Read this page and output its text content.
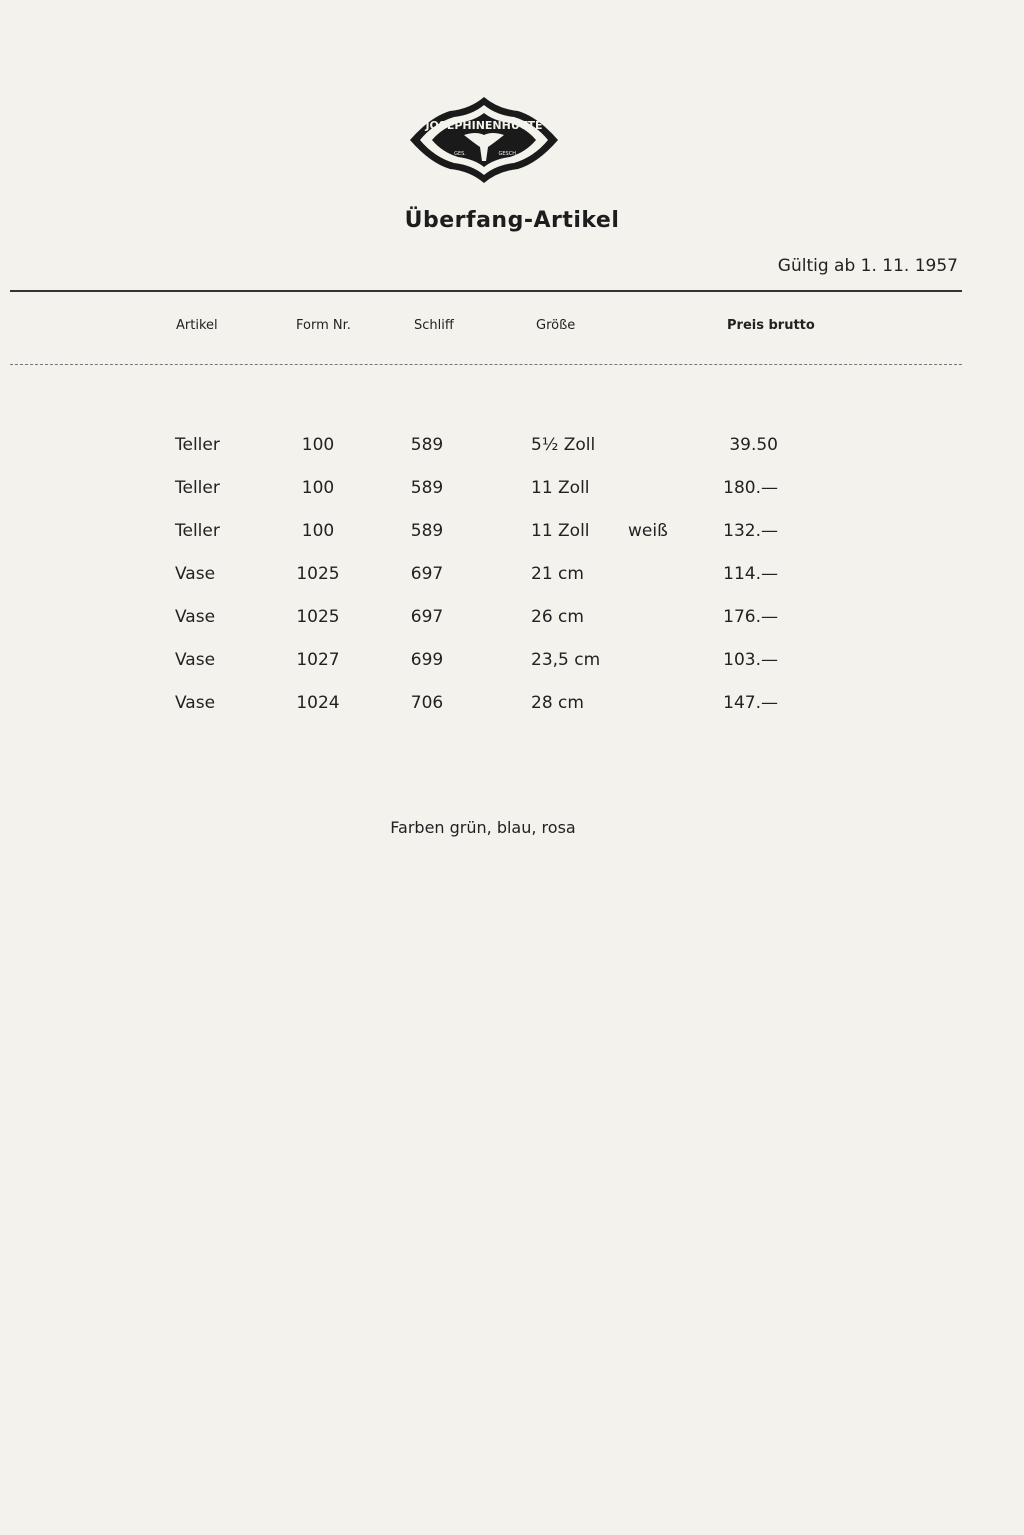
JOSEPHINENHÜTTE
GES.	GESCH.
Überfang-Artikel
Gültig ab 1. 11. 1957
Artikel	Form Nr.	Schliff	Größe	Preis brutto
Teller	100	589	5½ Zoll	39.50
Teller	100	589	11 Zoll	180.—
Teller	100	589	11 Zoll weiß	132.—
Vase	1025	697	21 cm	114.—
Vase	1025	697	26 cm	176.—
Vase	1027	699	23,5 cm	103.—
Vase	1024	706	28 cm	147.—
Farben grün, blau, rosa
